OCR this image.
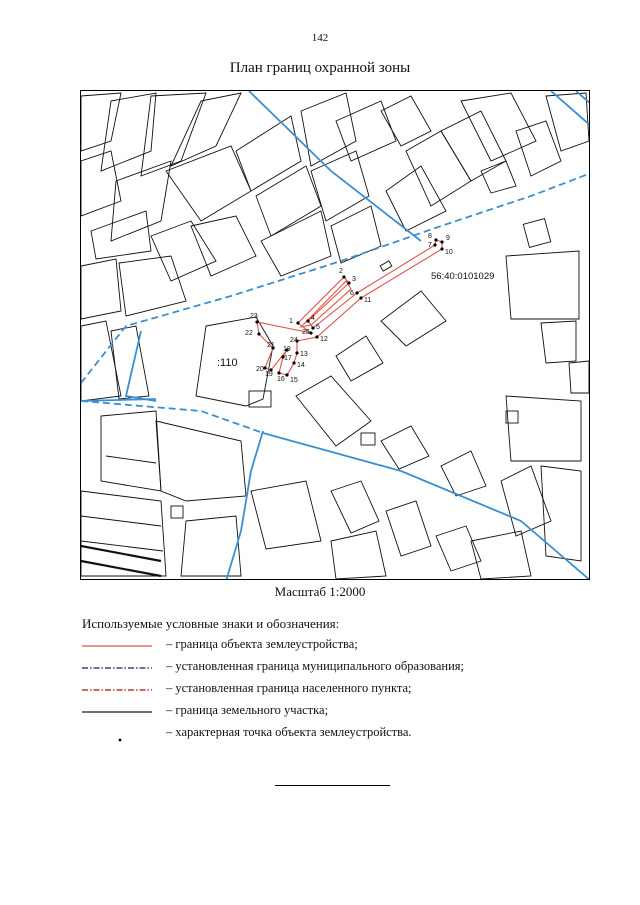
142
План границ охранной зоны
1
2
3
4
5
6
7
8 9
10
11
12
13
14
15
16
17
18
19
20
21
22
23
24
25
56:40:0101029
:110
Масштаб 1:2000
Используемые условные знаки и обозначения:
– граница объекта землеустройства;
– установленная граница муниципального образования;
– установленная граница населенного пункта;
– граница земельного участка;
– характерная точка объекта землеустройства.
